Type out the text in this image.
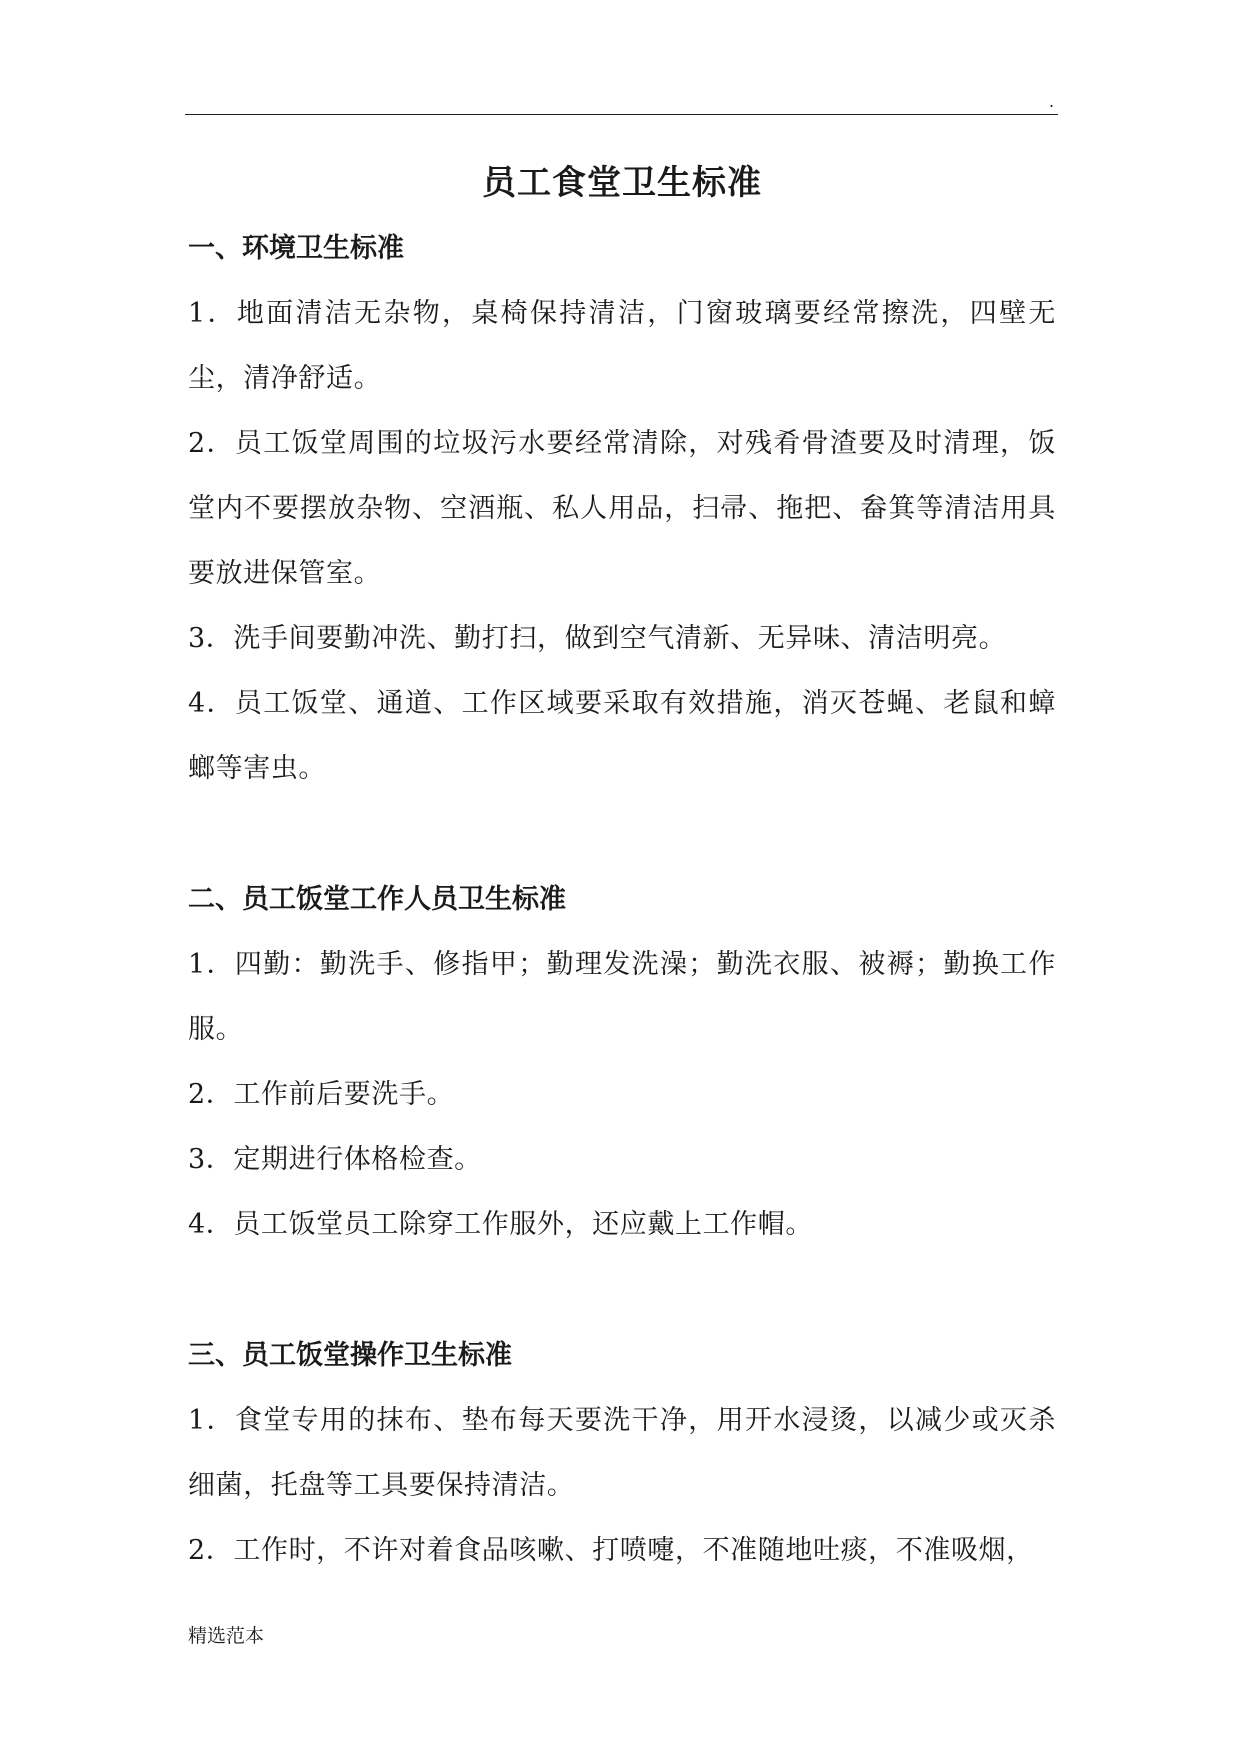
.
员工食堂卫生标准
一、环境卫生标准

1．地面清洁无杂物，桌椅保持清洁，门窗玻璃要经常擦洗，四壁无尘，清净舒适。

2．员工饭堂周围的垃圾污水要经常清除，对残肴骨渣要及时清理，饭堂内不要摆放杂物、空酒瓶、私人用品，扫帚、拖把、畚箕等清洁用具要放进保管室。

3．洗手间要勤冲洗、勤打扫，做到空气清新、无异味、清洁明亮。

4．员工饭堂、通道、工作区域要采取有效措施，消灭苍蝇、老鼠和蟑螂等害虫。

二、员工饭堂工作人员卫生标准

1．四勤：勤洗手、修指甲；勤理发洗澡；勤洗衣服、被褥；勤换工作服。

2．工作前后要洗手。

3．定期进行体格检查。

4．员工饭堂员工除穿工作服外，还应戴上工作帽。

三、员工饭堂操作卫生标准

1．食堂专用的抹布、垫布每天要洗干净，用开水浸烫，以减少或灭杀细菌，托盘等工具要保持清洁。

2．工作时，不许对着食品咳嗽、打喷嚏，不准随地吐痰，不准吸烟，

精选范本
